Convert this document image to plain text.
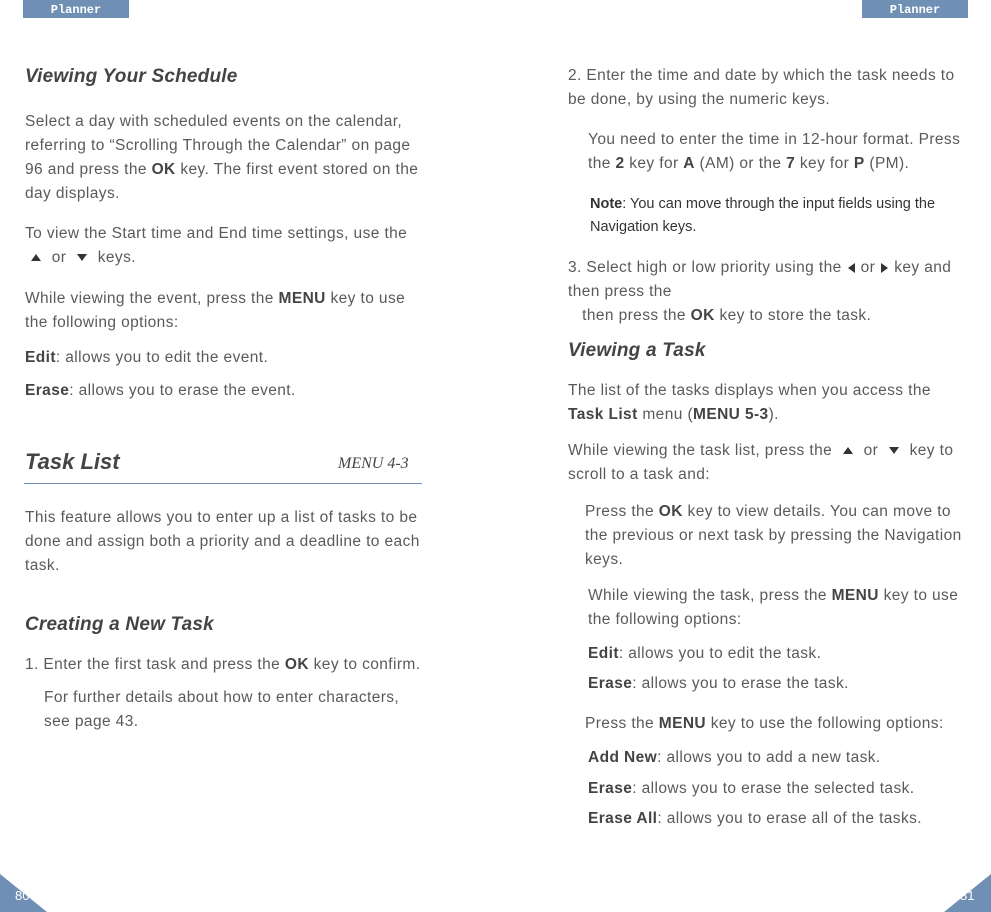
Planner	Planner
Viewing Your Schedule

Select a day with scheduled events on the calendar, referring to “Scrolling Through the Calendar” on page 96 and press the OK key. The first event stored on the day displays.

To view the Start time and End time settings, use the
or keys.

While viewing the event, press the MENU key to use the following options:

Edit: allows you to edit the event.

Erase: allows you to erase the event.

Task List	MENU 4-3

This feature allows you to enter up a list of tasks to be done and assign both a priority and a deadline to each task.

Creating a New Task

1. Enter the first task and press the OK key to confirm.

For further details about how to enter characters, see page 43.

80

2. Enter the time and date by which the task needs to be done, by using the numeric keys.

You need to enter the time in 12-hour format. Press the 2 key for A (AM) or the 7 key for P (PM).

Note: You can move through the input fields using the Navigation keys.

3. Select high or low priority using the or key and then press the
then press the OK key to store the task.

Viewing a Task

The list of the tasks displays when you access the Task List menu (MENU 5-3).

While viewing the task list, press the or key to scroll to a task and:

Press the OK key to view details. You can move to the previous or next task by pressing the Navigation keys.

While viewing the task, press the MENU key to use the following options:

Edit: allows you to edit the task.

Erase: allows you to erase the task.

Press the MENU key to use the following options:

Add New: allows you to add a new task.

Erase: allows you to erase the selected task.

Erase All: allows you to erase all of the tasks.

81
